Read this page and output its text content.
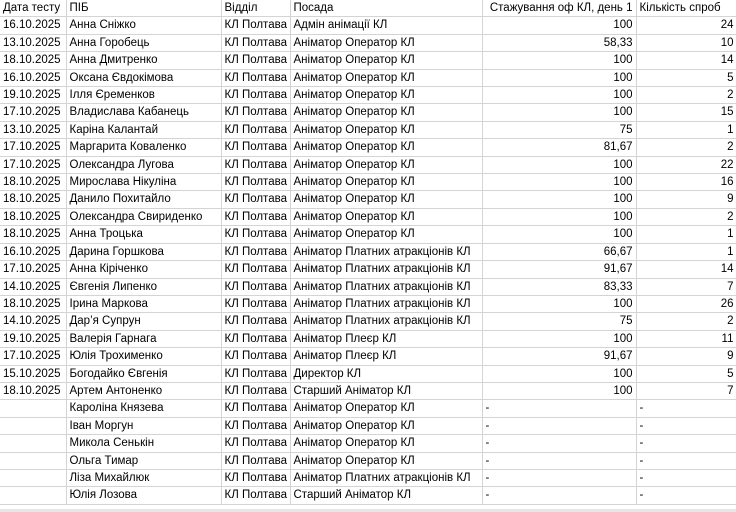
Дата тесту	ПІБ	Відділ	Посада	Стажування оф КЛ, день 1	Кількість спроб
16.10.2025	Анна Сніжко	КЛ Полтава	Адмін анімації КЛ	100	24
13.10.2025	Анна Горобець	КЛ Полтава	Аніматор Оператор КЛ	58,33	10
18.10.2025	Анна Дмитренко	КЛ Полтава	Аніматор Оператор КЛ	100	14
16.10.2025	Оксана Євдокімова	КЛ Полтава	Аніматор Оператор КЛ	100	5
19.10.2025	Ілля Єременков	КЛ Полтава	Аніматор Оператор КЛ	100	2
17.10.2025	Владислава Кабанець	КЛ Полтава	Аніматор Оператор КЛ	100	15
13.10.2025	Каріна Калантай	КЛ Полтава	Аніматор Оператор КЛ	75	1
17.10.2025	Маргарита Коваленко	КЛ Полтава	Аніматор Оператор КЛ	81,67	2
17.10.2025	Олександра Лугова	КЛ Полтава	Аніматор Оператор КЛ	100	22
18.10.2025	Мирослава Нікуліна	КЛ Полтава	Аніматор Оператор КЛ	100	16
18.10.2025	Данило Похитайло	КЛ Полтава	Аніматор Оператор КЛ	100	9
18.10.2025	Олександра Свириденко	КЛ Полтава	Аніматор Оператор КЛ	100	2
18.10.2025	Анна Троцька	КЛ Полтава	Аніматор Оператор КЛ	100	1
16.10.2025	Дарина Горшкова	КЛ Полтава	Аніматор Платних атракціонів КЛ	66,67	1
17.10.2025	Анна Кіріченко	КЛ Полтава	Аніматор Платних атракціонів КЛ	91,67	14
14.10.2025	Євгенія Липенко	КЛ Полтава	Аніматор Платних атракціонів КЛ	83,33	7
18.10.2025	Ірина Маркова	КЛ Полтава	Аніматор Платних атракціонів КЛ	100	26
14.10.2025	Дар’я Супрун	КЛ Полтава	Аніматор Платних атракціонів КЛ	75	2
19.10.2025	Валерія Гарнага	КЛ Полтава	Аніматор Плеєр КЛ	100	11
17.10.2025	Юлія Трохименко	КЛ Полтава	Аніматор Плеєр КЛ	91,67	9
15.10.2025	Богодайко Євгенія	КЛ Полтава	Директор КЛ	100	5
18.10.2025	Артем Антоненко	КЛ Полтава	Старший Аніматор КЛ	100	7
	Кароліна Князева	КЛ Полтава	Аніматор Оператор КЛ	-	-
	Іван Моргун	КЛ Полтава	Аніматор Оператор КЛ	-	-
	Микола Сенькін	КЛ Полтава	Аніматор Оператор КЛ	-	-
	Ольга Тимар	КЛ Полтава	Аніматор Оператор КЛ	-	-
	Ліза Михайлюк	КЛ Полтава	Аніматор Платних атракціонів КЛ	-	-
	Юлія Лозова	КЛ Полтава	Старший Аніматор КЛ	-	-
